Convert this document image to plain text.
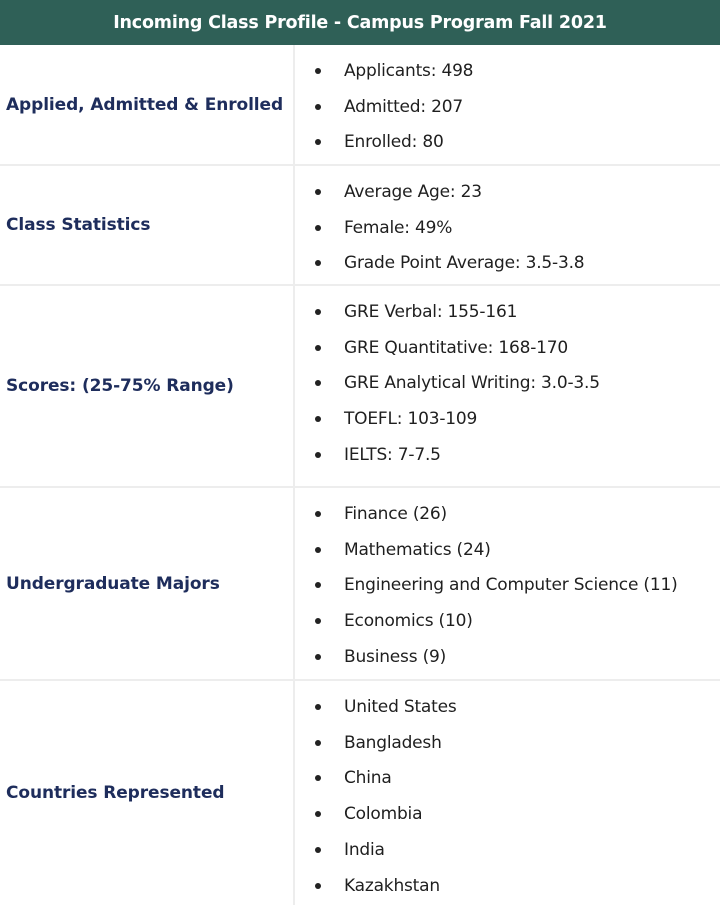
Incoming Class Profile - Campus Program Fall 2021
Applied, Admitted & Enrolled
Applicants: 498
Admitted: 207
Enrolled: 80
Class Statistics
Average Age: 23
Female: 49%
Grade Point Average: 3.5-3.8
Scores: (25-75% Range)
GRE Verbal: 155-161
GRE Quantitative: 168-170
GRE Analytical Writing: 3.0-3.5
TOEFL: 103-109
IELTS: 7-7.5
Undergraduate Majors
Finance (26)
Mathematics (24)
Engineering and Computer Science (11)
Economics (10)
Business (9)
Countries Represented
United States
Bangladesh
China
Colombia
India
Kazakhstan
